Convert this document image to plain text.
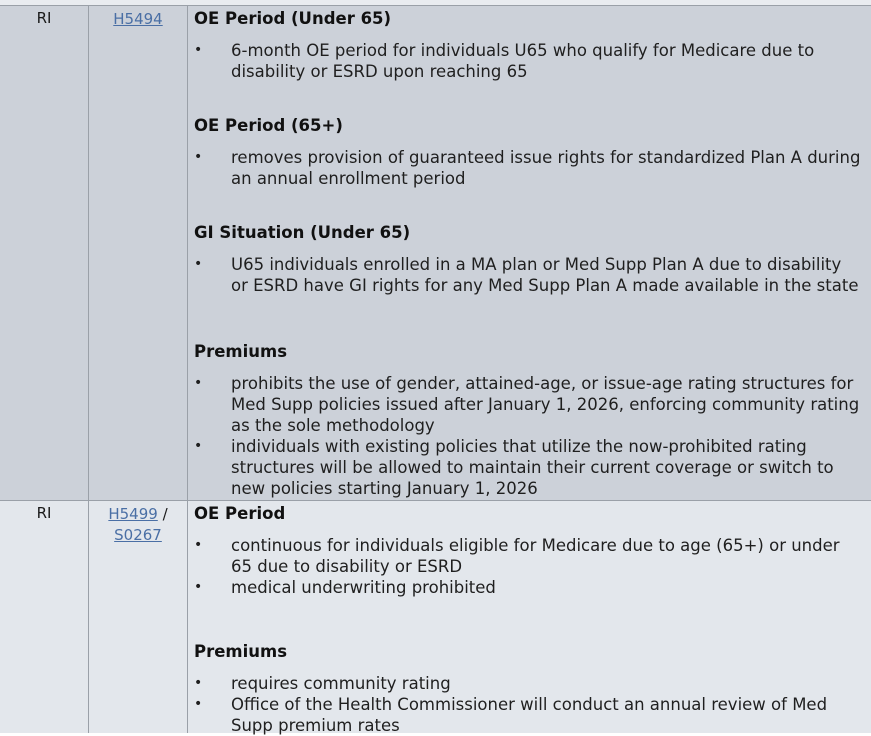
RI	H5494	OE Period (Under 65)
• 6-month OE period for individuals U65 who qualify for Medicare due to disability or ESRD upon reaching 65
OE Period (65+)
• removes provision of guaranteed issue rights for standardized Plan A during an annual enrollment period
GI Situation (Under 65)
• U65 individuals enrolled in a MA plan or Med Supp Plan A due to disability or ESRD have GI rights for any Med Supp Plan A made available in the state
Premiums
• prohibits the use of gender, attained-age, or issue-age rating structures for Med Supp policies issued after January 1, 2026, enforcing community rating as the sole methodology
• individuals with existing policies that utilize the now-prohibited rating structures will be allowed to maintain their current coverage or switch to new policies starting January 1, 2026
RI	H5499 /
S0267
OE Period
• continuous for individuals eligible for Medicare due to age (65+) or under 65 due to disability or ESRD
• medical underwriting prohibited
Premiums
• requires community rating
• Office of the Health Commissioner will conduct an annual review of Med Supp premium rates
